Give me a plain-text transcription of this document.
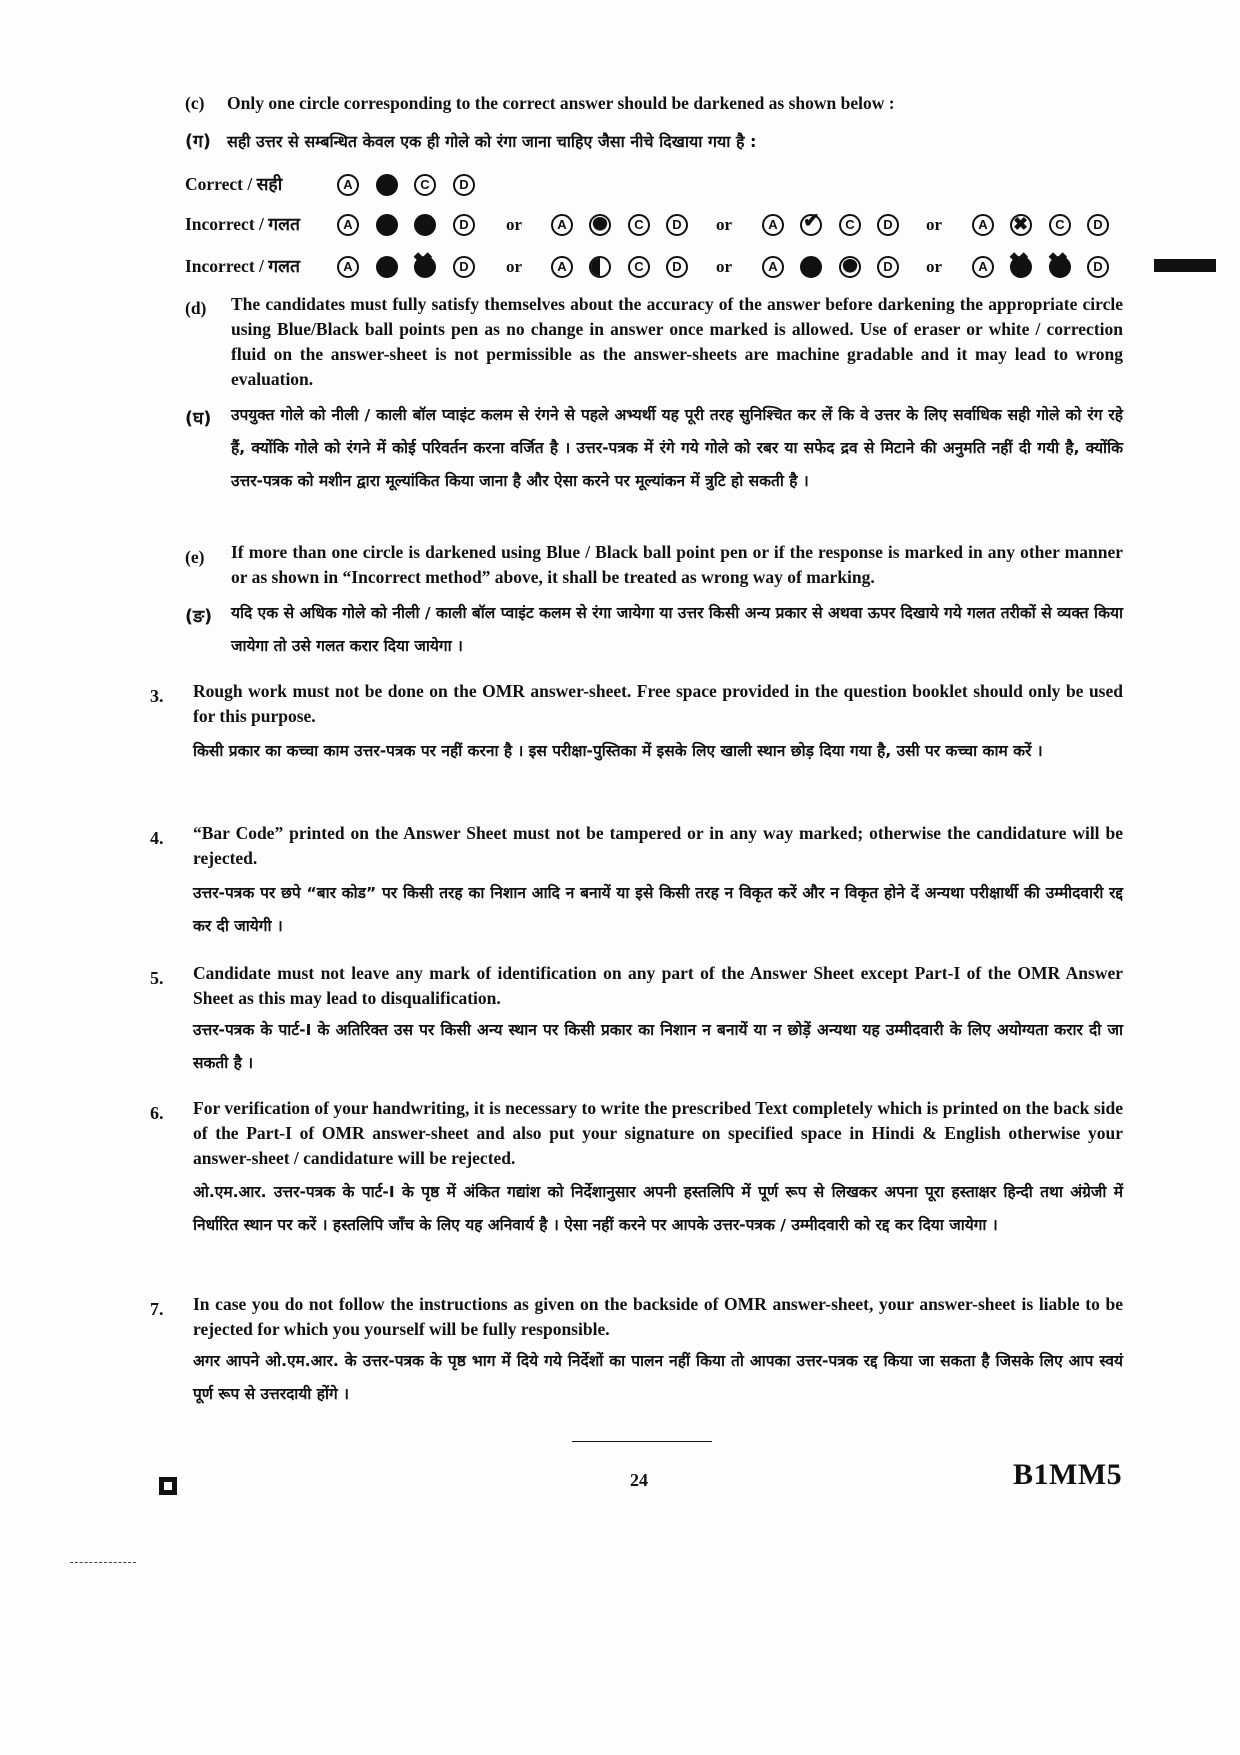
(c) Only one circle corresponding to the correct answer should be darkened as shown below :
(ग) सही उत्तर से सम्बन्धित केवल एक ही गोले को रंगा जाना चाहिए जैसा नीचे दिखाया गया है :
Correct / सही	A	C	D
Incorrect / गलत	A	D	or	A	C	D	or	A ✔	C	D	or	A ✖	C	D
Incorrect / गलत	A ✖	D	or	A	C	D	or	A	D	or	A ✖ ✖	D
(d) The candidates must fully satisfy themselves about the accuracy of the answer before darkening the appropriate circle using Blue/Black ball points pen as no change in answer once marked is allowed. Use of eraser or white / correction fluid on the answer-sheet is not permissible as the answer-sheets are machine gradable and it may lead to wrong evaluation.

(घ) उपयुक्त गोले को नीली / काली बॉल प्वाइंट कलम से रंगने से पहले अभ्यर्थी यह पूरी तरह सुनिश्चित कर लें कि वे उत्तर के लिए सर्वाधिक सही गोले को रंग रहे हैं, क्योंकि गोले को रंगने में कोई परिवर्तन करना वर्जित है । उत्तर-पत्रक में रंगे गये गोले को रबर या सफेद द्रव से मिटाने की अनुमति नहीं दी गयी है, क्योंकि उत्तर-पत्रक को मशीन द्वारा मूल्यांकित किया जाना है और ऐसा करने पर मूल्यांकन में त्रुटि हो सकती है ।

(e) If more than one circle is darkened using Blue / Black ball point pen or if the response is marked in any other manner or as shown in “Incorrect method” above, it shall be treated as wrong way of marking.

(ङ) यदि एक से अधिक गोले को नीली / काली बॉल प्वाइंट कलम से रंगा जायेगा या उत्तर किसी अन्य प्रकार से अथवा ऊपर दिखाये गये गलत तरीकों से व्यक्त किया जायेगा तो उसे गलत करार दिया जायेगा ।

3. Rough work must not be done on the OMR answer-sheet. Free space provided in the question booklet should only be used for this purpose.

किसी प्रकार का कच्चा काम उत्तर-पत्रक पर नहीं करना है । इस परीक्षा-पुस्तिका में इसके लिए खाली स्थान छोड़ दिया गया है, उसी पर कच्चा काम करें ।

4. “Bar Code” printed on the Answer Sheet must not be tampered or in any way marked; otherwise the candidature will be rejected.

उत्तर-पत्रक पर छपे “बार कोड” पर किसी तरह का निशान आदि न बनायें या इसे किसी तरह न विकृत करें और न विकृत होने दें अन्यथा परीक्षार्थी की उम्मीदवारी रद्द कर दी जायेगी ।

5. Candidate must not leave any mark of identification on any part of the Answer Sheet except Part-I of the OMR Answer Sheet as this may lead to disqualification.

उत्तर-पत्रक के पार्ट-I के अतिरिक्त उस पर किसी अन्य स्थान पर किसी प्रकार का निशान न बनायें या न छोड़ें अन्यथा यह उम्मीदवारी के लिए अयोग्यता करार दी जा सकती है ।

6. For verification of your handwriting, it is necessary to write the prescribed Text completely which is printed on the back side of the Part-I of OMR answer-sheet and also put your signature on specified space in Hindi & English otherwise your answer-sheet / candidature will be rejected.

ओ.एम.आर. उत्तर-पत्रक के पार्ट-I के पृष्ठ में अंकित गद्यांश को निर्देशानुसार अपनी हस्तलिपि में पूर्ण रूप से लिखकर अपना पूरा हस्ताक्षर हिन्दी तथा अंग्रेजी में निर्धारित स्थान पर करें । हस्तलिपि जाँच के लिए यह अनिवार्य है । ऐसा नहीं करने पर आपके उत्तर-पत्रक / उम्मीदवारी को रद्द कर दिया जायेगा ।

7. In case you do not follow the instructions as given on the backside of OMR answer-sheet, your answer-sheet is liable to be rejected for which you yourself will be fully responsible.

अगर आपने ओ.एम.आर. के उत्तर-पत्रक के पृष्ठ भाग में दिये गये निर्देशों का पालन नहीं किया तो आपका उत्तर-पत्रक रद्द किया जा सकता है जिसके लिए आप स्वयं पूर्ण रूप से उत्तरदायी होंगे ।

24	B1MM5
